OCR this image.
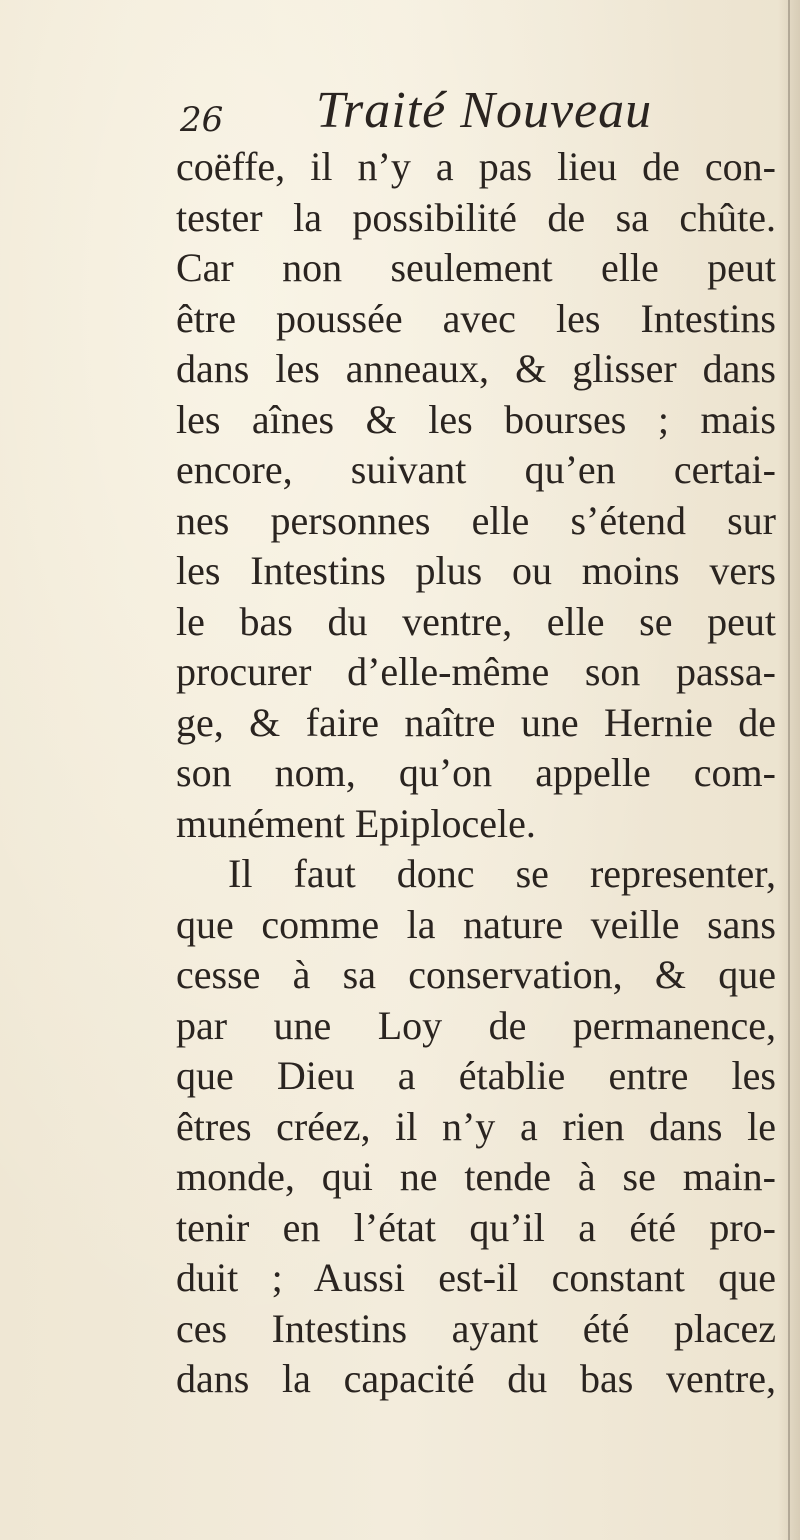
26 Traité Nouveau
coëffe, il n’y a pas lieu de con-
tester la possibilité de sa chûte.
Car non seulement elle peut
être poussée avec les Intestins
dans les anneaux, & glisser dans
les aînes & les bourses ; mais
encore, suivant qu’en certai-
nes personnes elle s’étend sur
les Intestins plus ou moins vers
le bas du ventre, elle se peut
procurer d’elle-même son passa-
ge, & faire naître une Hernie de
son nom, qu’on appelle com-
munément Epiplocele.
Il faut donc se representer,
que comme la nature veille sans
cesse à sa conservation, & que
par une Loy de permanence,
que Dieu a établie entre les
êtres créez, il n’y a rien dans le
monde, qui ne tende à se main-
tenir en l’état qu’il a été pro-
duit ; Aussi est-il constant que
ces Intestins ayant été placez
dans la capacité du bas ventre,
